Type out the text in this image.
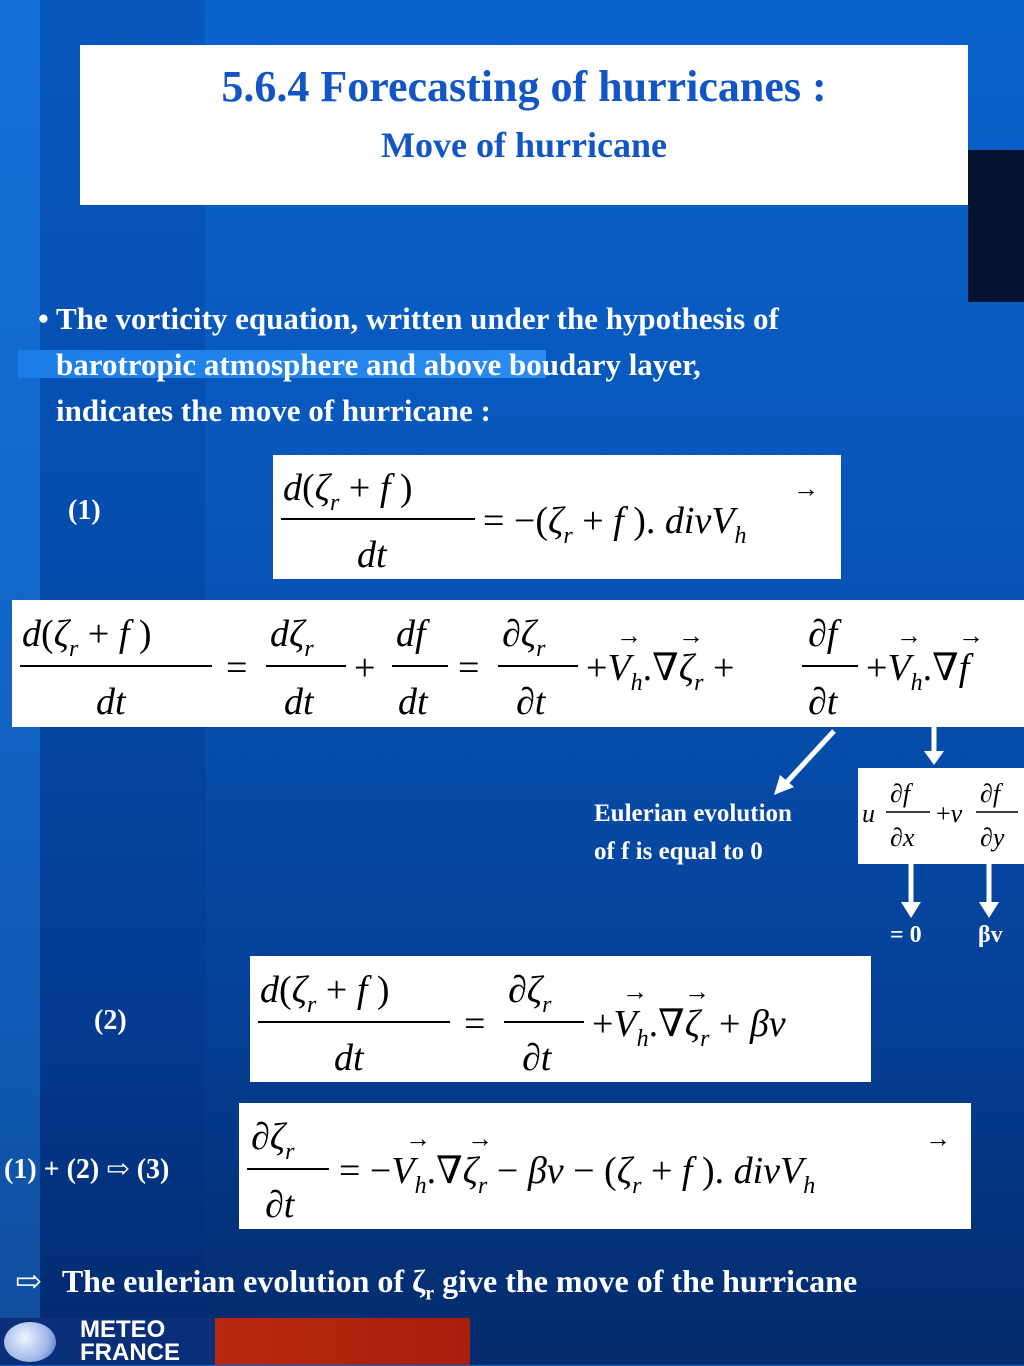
5.6.4 Forecasting of hurricanes :
Move of hurricane
• The vorticity equation, written under the hypothesis of
barotropic atmosphere and above boudary layer,
indicates the move of hurricane :
(1)
$d(\zeta_r + f$ )
dt
= $-(\zeta_r + f$ ). divV$_h$
→
$d(\zeta_r + f$ )
dt
=
$d\zeta_r$
dt
+
df
dt
=
$\partial\zeta_r$
∂t
$+V_h.\nabla\zeta_r$ +
→ →	∂f
∂t
$+V_h.\nabla f$
→ →
Eulerian evolution
of f is equal to 0
u
∂f
∂x
+v
∂f
∂y
= 0 βv
(2)
$d(\zeta_r + f$ )
dt
=
$\partial\zeta_r$
∂t
$+V_h.\nabla\zeta_r + \beta v$
→ →
(1) + (2) ⇨ (3)
$\partial\zeta_r$
∂t
= $-V_h.\nabla\zeta_r - \beta v - (\zeta_r + f$ ). divV$_h$
→ →	→
⇨ The eulerian evolution of $\zeta_r$ give the move of the hurricane
METEO
FRANCE
